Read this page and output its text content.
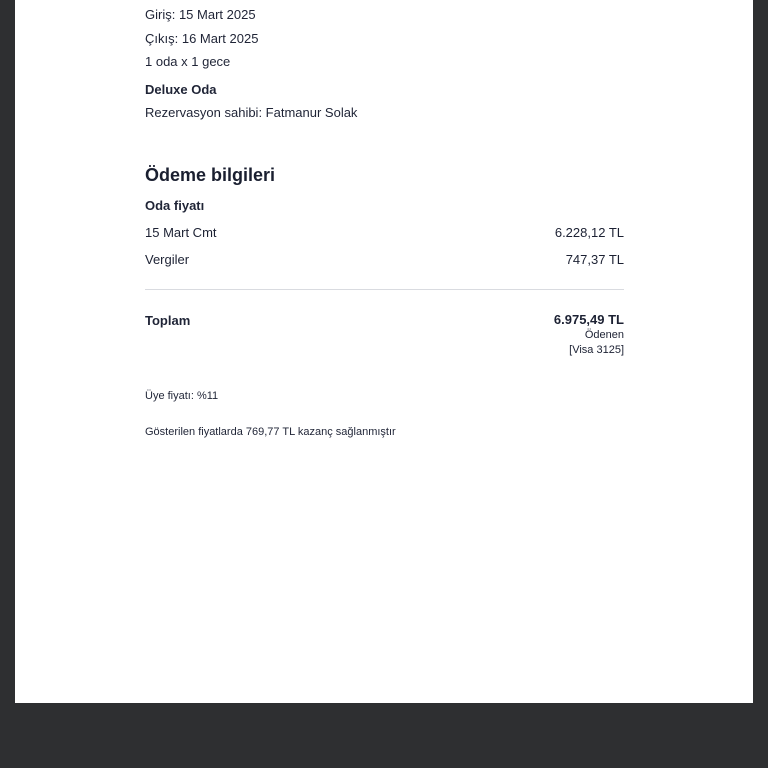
Giriş: 15 Mart 2025
Çıkış: 16 Mart 2025
1 oda x 1 gece
Deluxe Oda
Rezervasyon sahibi: Fatmanur Solak
Ödeme bilgileri
Oda fiyatı
15 Mart Cmt	6.228,12 TL
Vergiler	747,37 TL
Toplam	6.975,49 TL
Ödenen
[Visa 3125]
Üye fiyatı: %11
Gösterilen fiyatlarda 769,77 TL kazanç sağlanmıştır
